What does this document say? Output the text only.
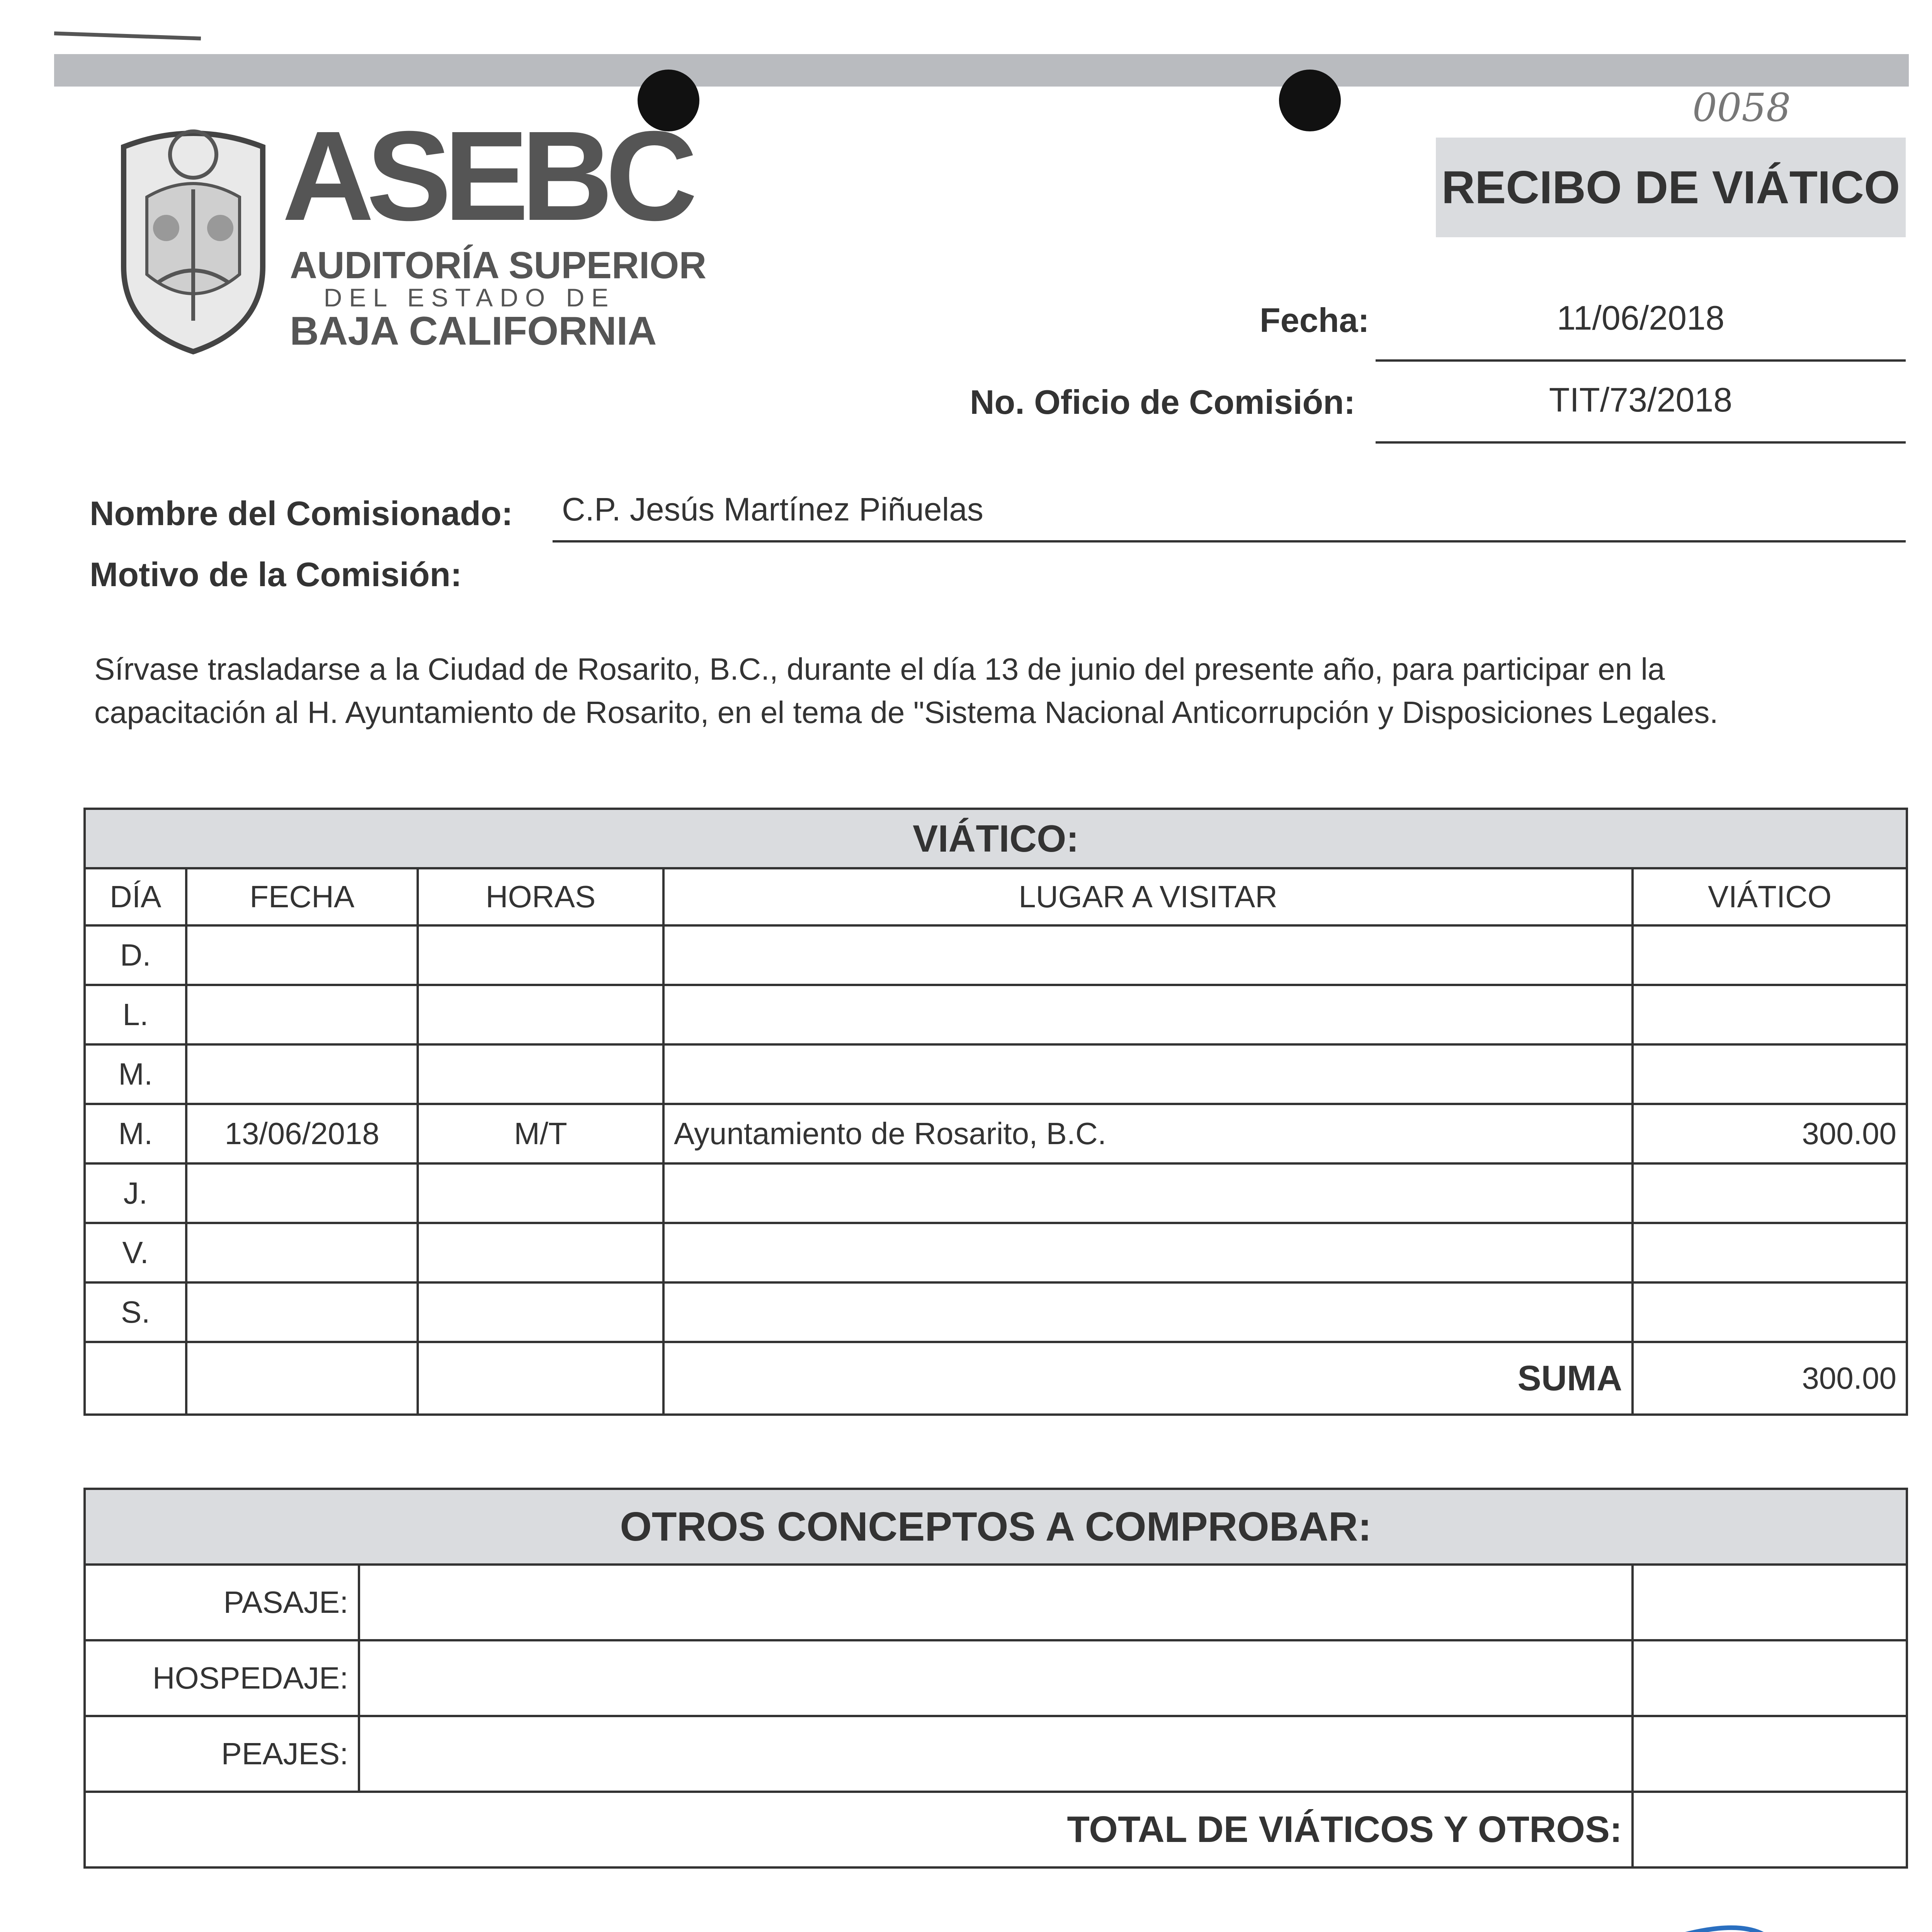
ASEBC
AUDITORÍA SUPERIOR
DEL ESTADO DE
BAJA CALIFORNIA
0058
RECIBO DE VIÁTICO
Fecha:	11/06/2018
No. Oficio de Comisión:	TIT/73/2018
Nombre del Comisionado: C.P. Jesús Martínez Piñuelas
Motivo de la Comisión:
Sírvase trasladarse a la Ciudad de Rosarito, B.C., durante el día 13 de junio del presente año, para participar en la capacitación al H. Ayuntamiento de Rosarito, en el tema de "Sistema Nacional Anticorrupción y Disposiciones Legales.
VIÁTICO:				
DÍA	FECHA	HORAS	LUGAR A VISITAR	VIÁTICO
D.				
L.				
M.				
M.	13/06/2018	M/T	Ayuntamiento de Rosarito, B.C.	300.00
J.				
V.				
S.				
			SUMA	300.00
OTROS CONCEPTOS A COMPROBAR:		
PASAJE:		
HOSPEDAJE:		
PEAJES:		
TOTAL DE VIÁTICOS Y OTROS:		
